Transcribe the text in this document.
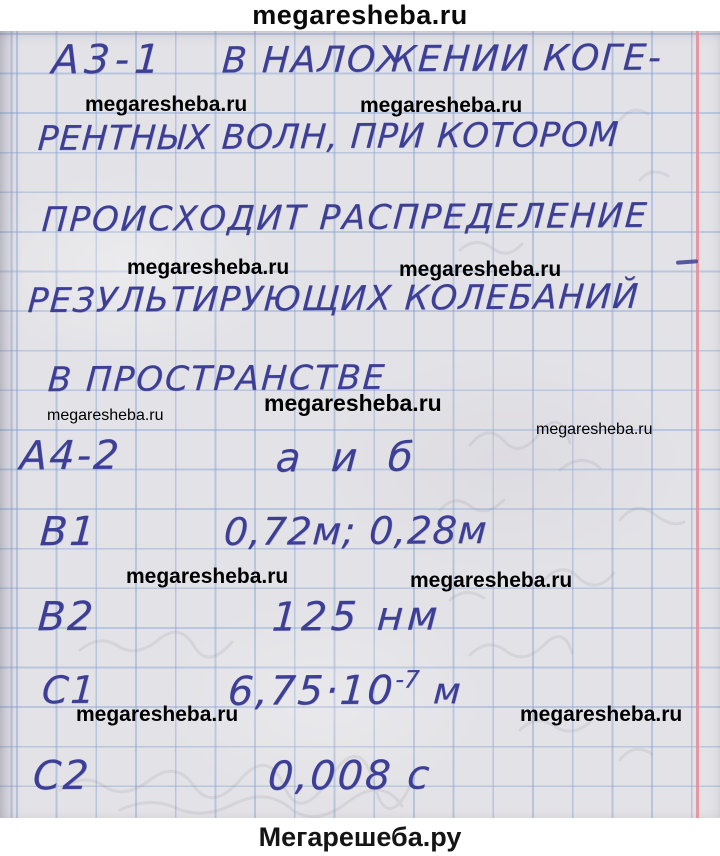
megaresheba.ru
А3-1 В НАЛОЖЕНИИ КОГЕ-
РЕНТНЫХ ВОЛН, ПРИ КОТОРОМ
ПРОИСХОДИТ РАСПРЕДЕЛЕНИЕ
РЕЗУЛЬТИРУЮЩИХ КОЛЕБАНИЙ
В ПРОСТРАНСТВЕ
А4-2	а и б
В1	0,72м; 0,28м
В2	125 нм
С1	$6,75\cdot 10^{-7}$ м
С2	0,008 с
megaresheba.ru	megaresheba.ru
megaresheba.ru	megaresheba.ru
megaresheba.ru
megaresheba.ru
megaresheba.ru
megaresheba.ru	megaresheba.ru
megaresheba.ru	megaresheba.ru
Мегарешеба.ру
